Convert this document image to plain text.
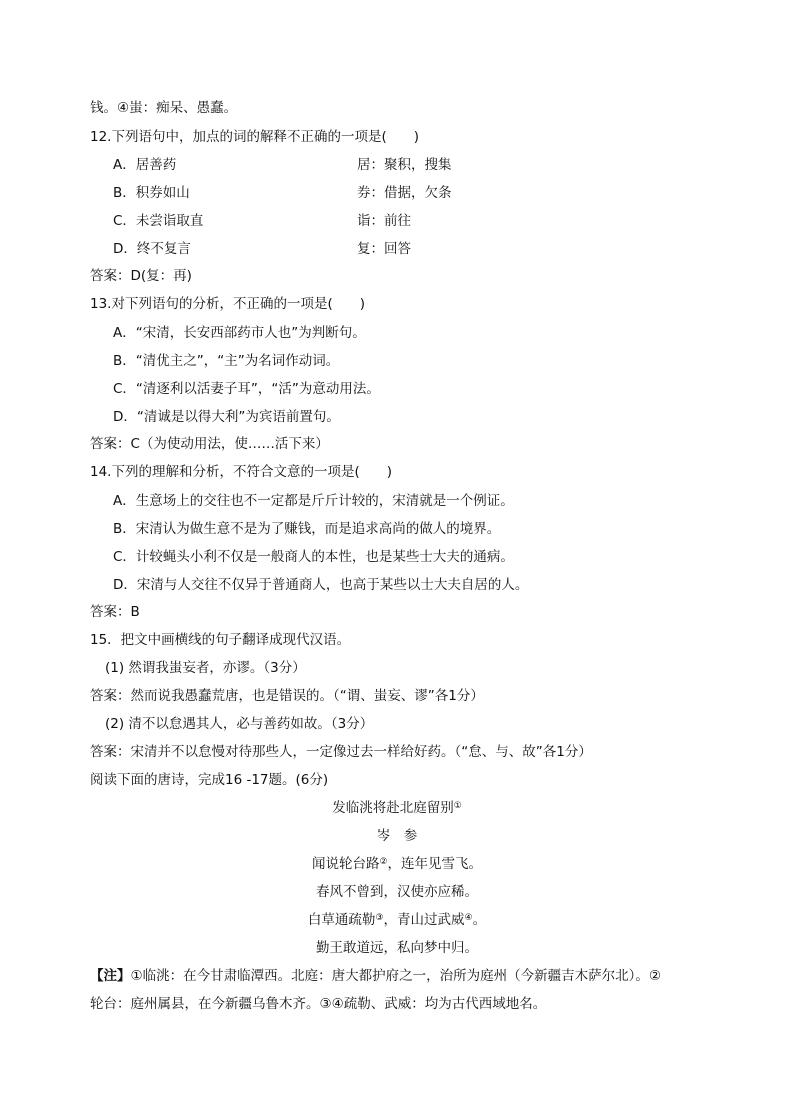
钱。④蚩：痴呆、愚蠢。
12.下列语句中，加点的词的解释不正确的一项是(　　)
A．居善药	居：聚积，搜集
B．积券如山	券：借据，欠条
C．未尝诣取直	诣：前往
D．终不复言	复：回答
答案：D(复：再)
13.对下列语句的分析，不正确的一项是(　　)
A．“宋清，长安西部药市人也”为判断句。
B．“清优主之”，“主”为名词作动词。
C．“清逐利以活妻子耳”，“活”为意动用法。
D．“清诚是以得大利”为宾语前置句。
答案：C（为使动用法，使……活下来）
14.下列的理解和分析，不符合文意的一项是(　　)
A．生意场上的交往也不一定都是斤斤计较的，宋清就是一个例证。
B．宋清认为做生意不是为了赚钱，而是追求高尚的做人的境界。
C．计较蝇头小利不仅是一般商人的本性，也是某些士大夫的通病。
D．宋清与人交往不仅异于普通商人，也高于某些以士大夫自居的人。
答案：B
15．把文中画横线的句子翻译成现代汉语。
(1) 然谓我蚩妄者，亦谬。（3分）
答案：然而说我愚蠢荒唐，也是错误的。（“谓、蚩妄、谬”各1分）
(2) 清不以怠遇其人，必与善药如故。（3分）
答案：宋清并不以怠慢对待那些人，一定像过去一样给好药。（“怠、与、故”各1分）
阅读下面的唐诗，完成16 -17题。(6分)
发临洮将赴北庭留别①
岑　参
闻说轮台路②，连年见雪飞。
春风不曾到，汉使亦应稀。
白草通疏勒③，青山过武威④。
勤王敢道远，私向梦中归。
【注】①临洮：在今甘肃临潭西。北庭：唐大都护府之一，治所为庭州（今新疆吉木萨尔北）。②
轮台：庭州属县，在今新疆乌鲁木齐。③④疏勒、武威：均为古代西域地名。
